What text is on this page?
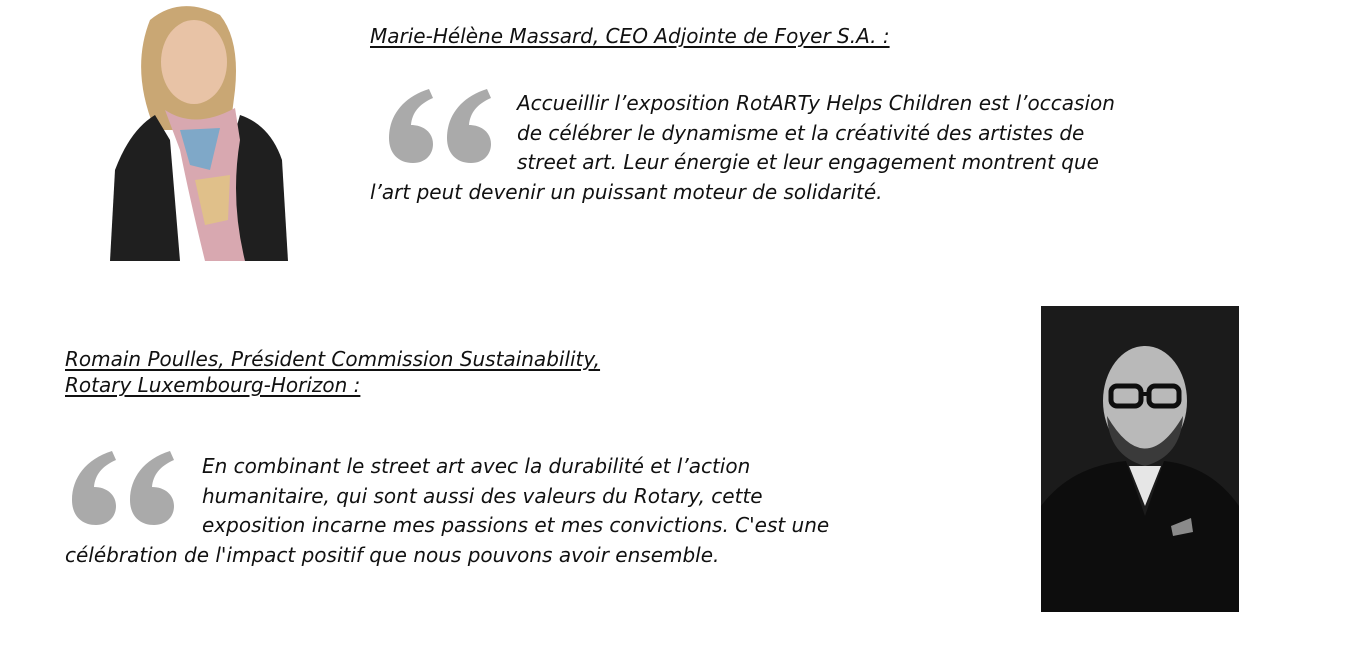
Marie-Hélène Massard, CEO Adjointe de Foyer S.A. :

Accueillir l’exposition RotARTy Helps Children est l’occasion
de célébrer le dynamisme et la créativité des artistes de
street art. Leur énergie et leur engagement montrent que
l’art peut devenir un puissant moteur de solidarité.
Romain Poulles, Président Commission Sustainability,
Rotary Luxembourg-Horizon :
En combinant le street art avec la durabilité et l’action
humanitaire, qui sont aussi des valeurs du Rotary, cette
exposition incarne mes passions et mes convictions. C'est une
célébration de l'impact positif que nous pouvons avoir ensemble.
